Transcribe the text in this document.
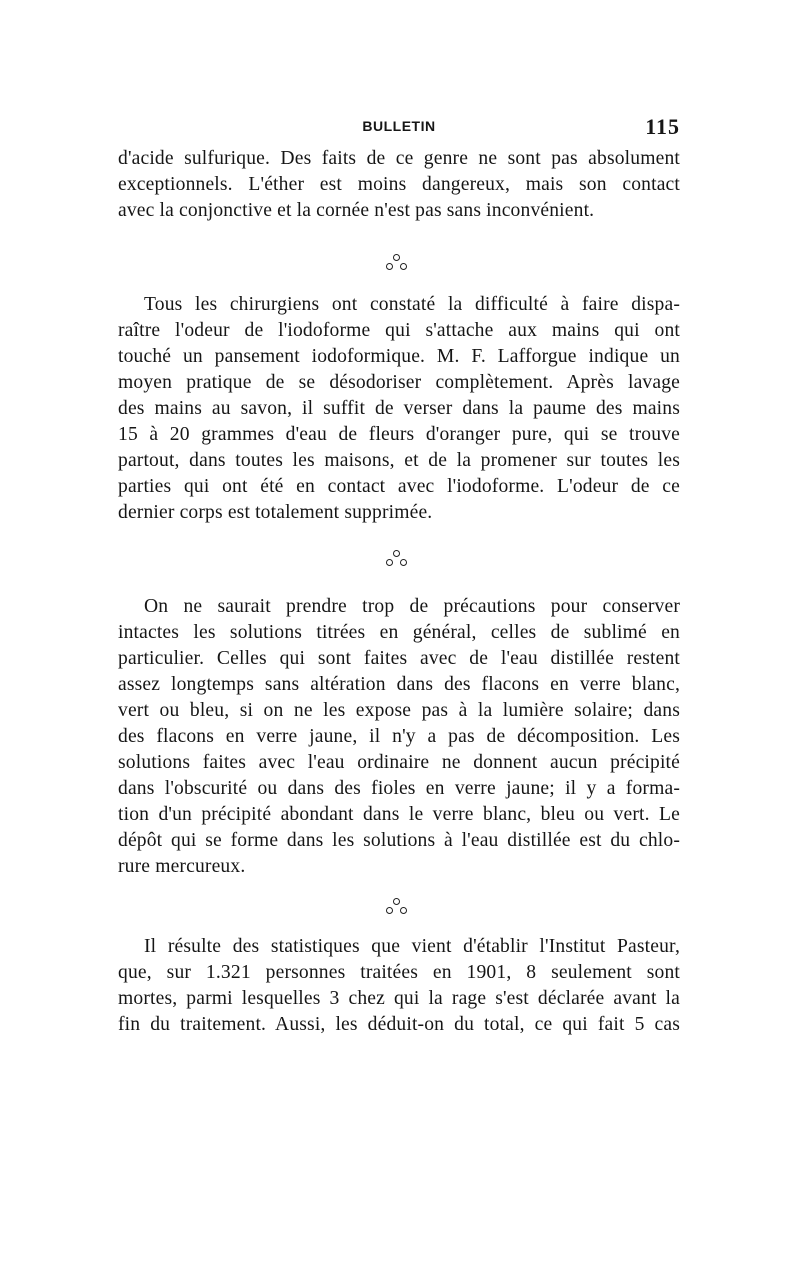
BULLETIN	115
d'acide sulfurique. Des faits de ce genre ne sont pas absolument
exceptionnels. L'éther est moins dangereux, mais son contact
avec la conjonctive et la cornée n'est pas sans inconvénient.
Tous les chirurgiens ont constaté la difficulté à faire dispa-
raître l'odeur de l'iodoforme qui s'attache aux mains qui ont
touché un pansement iodoformique. M. F. Lafforgue indique un
moyen pratique de se désodoriser complètement. Après lavage
des mains au savon, il suffit de verser dans la paume des mains
15 à 20 grammes d'eau de fleurs d'oranger pure, qui se trouve
partout, dans toutes les maisons, et de la promener sur toutes les
parties qui ont été en contact avec l'iodoforme. L'odeur de ce
dernier corps est totalement supprimée.
On ne saurait prendre trop de précautions pour conserver
intactes les solutions titrées en général, celles de sublimé en
particulier. Celles qui sont faites avec de l'eau distillée restent
assez longtemps sans altération dans des flacons en verre blanc,
vert ou bleu, si on ne les expose pas à la lumière solaire; dans
des flacons en verre jaune, il n'y a pas de décomposition. Les
solutions faites avec l'eau ordinaire ne donnent aucun précipité
dans l'obscurité ou dans des fioles en verre jaune; il y a forma-
tion d'un précipité abondant dans le verre blanc, bleu ou vert. Le
dépôt qui se forme dans les solutions à l'eau distillée est du chlo-
rure mercureux.
Il résulte des statistiques que vient d'établir l'Institut Pasteur,
que, sur 1.321 personnes traitées en 1901, 8 seulement sont
mortes, parmi lesquelles 3 chez qui la rage s'est déclarée avant la
fin du traitement. Aussi, les déduit-on du total, ce qui fait 5 cas
